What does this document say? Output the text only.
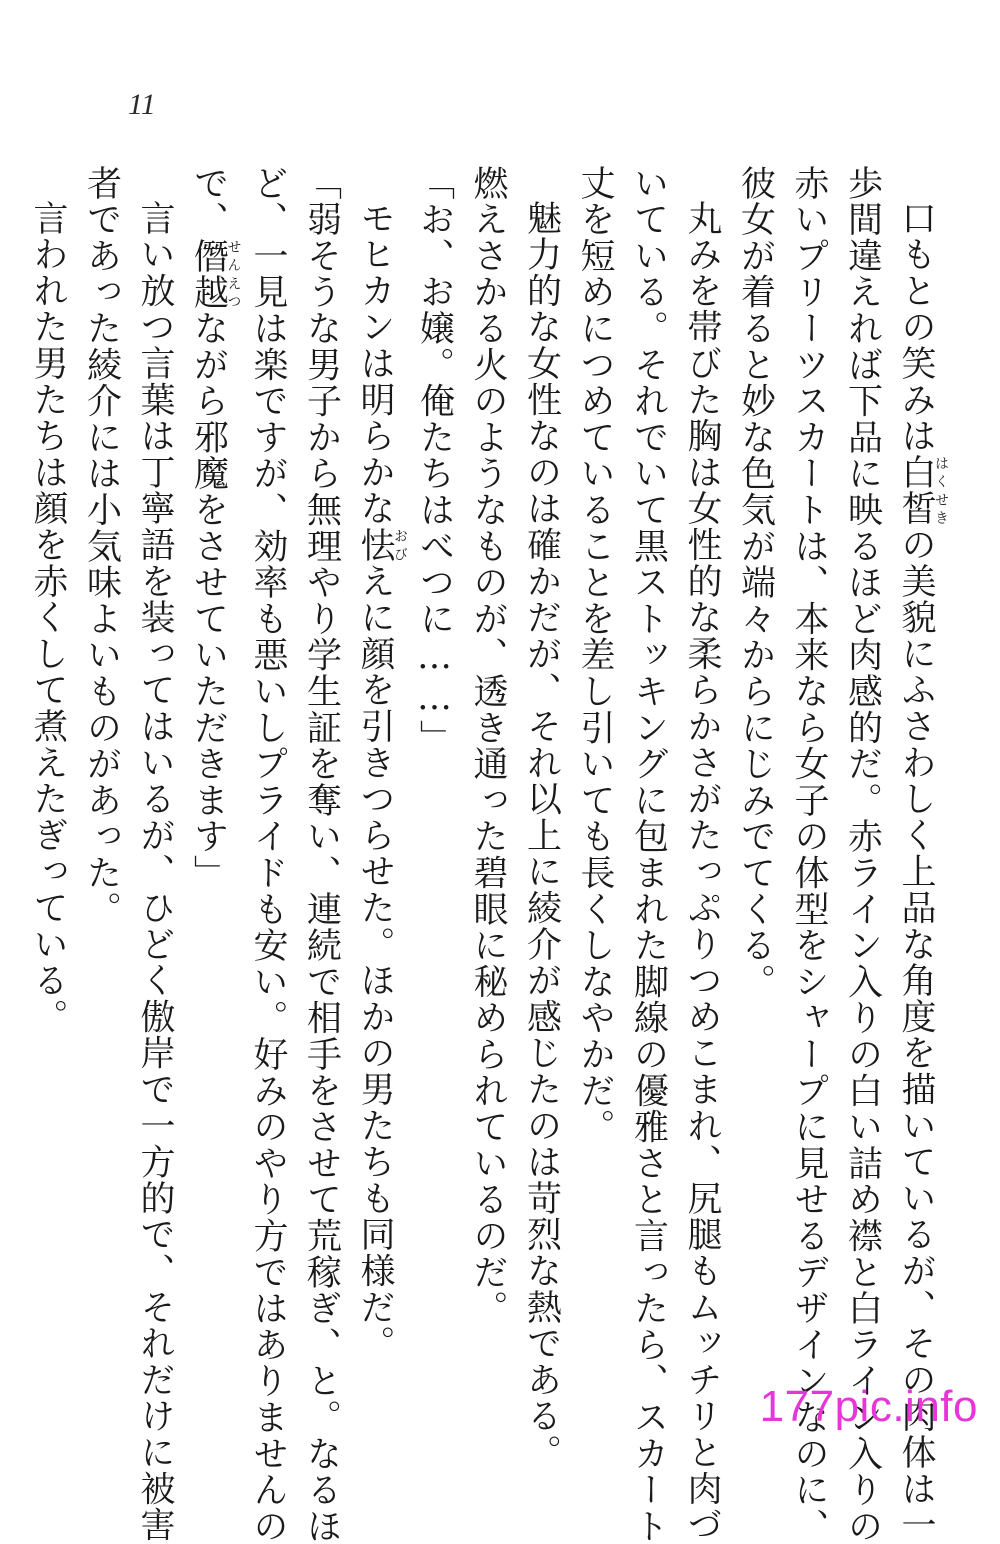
11
口もとの笑みは白皙はくせきの美貌にふさわしく上品な角度を描いているが、その肉体は一
歩間違えれば下品に映るほど肉感的だ。赤ライン入りの白い詰め襟と白ライン入りの
赤いプリーツスカートは、本来なら女子の体型をシャープに見せるデザインなのに、
彼女が着ると妙な色気が端々からにじみでてくる。
丸みを帯びた胸は女性的な柔らかさがたっぷりつめこまれ、尻腿もムッチリと肉づ
いている。それでいて黒ストッキングに包まれた脚線の優雅さと言ったら、スカート
丈を短めにつめていることを差し引いても長くしなやかだ。
魅力的な女性なのは確かだが、それ以上に綾介が感じたのは苛烈な熱である。
燃えさかる火のようなものが、透き通った碧眼に秘められているのだ。
「お、お嬢。俺たちはべつに……」
モヒカンは明らかな怯おびえに顔を引きつらせた。ほかの男たちも同様だ。
「弱そうな男子から無理やり学生証を奪い、連続で相手をさせて荒稼ぎ、と。なるほ
ど、一見は楽ですが、効率も悪いしプライドも安い。好みのやり方ではありませんの
で、僭越せんえつながら邪魔をさせていただきます」
言い放つ言葉は丁寧語を装ってはいるが、ひどく傲岸で一方的で、それだけに被害
者であった綾介には小気味よいものがあった。
言われた男たちは顔を赤くして煮えたぎっている。
177pic.info
